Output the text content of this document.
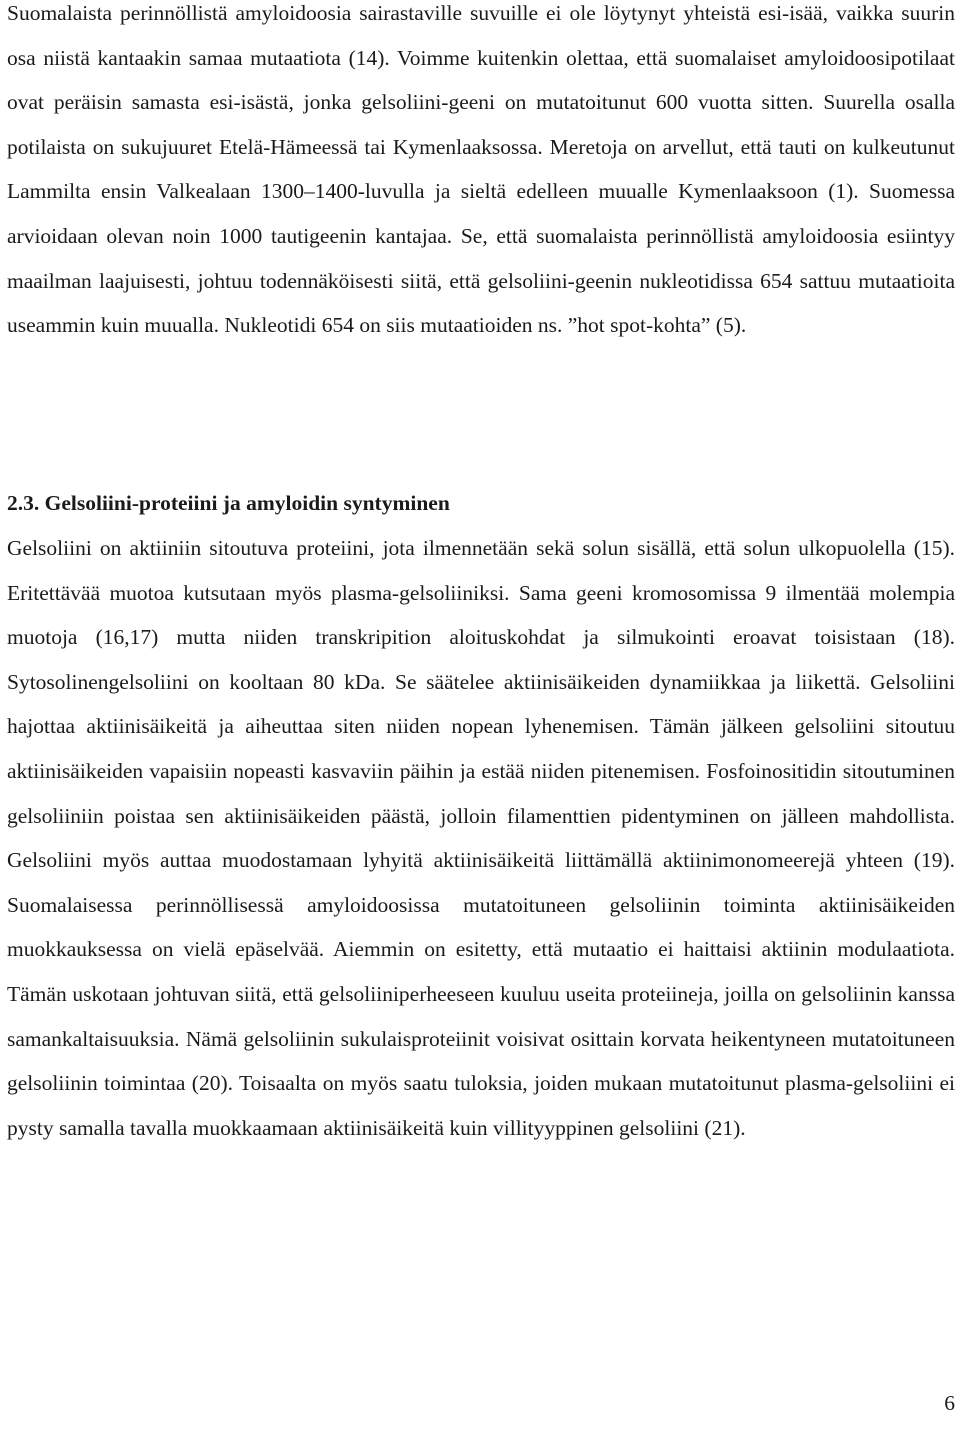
Suomalaista perinnöllistä amyloidoosia sairastaville suvuille ei ole löytynyt yhteistä esi-isää, vaikka suurin osa niistä kantaakin samaa mutaatiota (14). Voimme kuitenkin olettaa, että suomalaiset amyloidoosipotilaat ovat peräisin samasta esi-isästä, jonka gelsoliini-geeni on mutatoitunut 600 vuotta sitten. Suurella osalla potilaista on sukujuuret Etelä-Hämeessä tai Kymenlaaksossa. Meretoja on arvellut, että tauti on kulkeutunut Lammilta ensin Valkealaan 1300–1400-luvulla ja sieltä edelleen muualle Kymenlaaksoon (1). Suomessa arvioidaan olevan noin 1000 tautigeenin kantajaa. Se, että suomalaista perinnöllistä amyloidoosia esiintyy maailman laajuisesti, johtuu todennäköisesti siitä, että gelsoliini-geenin nukleotidissa 654 sattuu mutaatioita useammin kuin muualla. Nukleotidi 654 on siis mutaatioiden ns. ”hot spot-kohta” (5).

2.3. Gelsoliini-proteiini ja amyloidin syntyminen

Gelsoliini on aktiiniin sitoutuva proteiini, jota ilmennetään sekä solun sisällä, että solun ulkopuolella (15). Eritettävää muotoa kutsutaan myös plasma-gelsoliiniksi. Sama geeni kromosomissa 9 ilmentää molempia muotoja (16,17) mutta niiden transkripition aloituskohdat ja silmukointi eroavat toisistaan (18). Sytosolinengelsoliini on kooltaan 80 kDa. Se säätelee aktiinisäikeiden dynamiikkaa ja liikettä. Gelsoliini hajottaa aktiinisäikeitä ja aiheuttaa siten niiden nopean lyhenemisen. Tämän jälkeen gelsoliini sitoutuu aktiinisäikeiden vapaisiin nopeasti kasvaviin päihin ja estää niiden pitenemisen. Fosfoinositidin sitoutuminen gelsoliiniin poistaa sen aktiinisäikeiden päästä, jolloin filamenttien pidentyminen on jälleen mahdollista. Gelsoliini myös auttaa muodostamaan lyhyitä aktiinisäikeitä liittämällä aktiinimonomeerejä yhteen (19). Suomalaisessa perinnöllisessä amyloidoosissa mutatoituneen gelsoliinin toiminta aktiinisäikeiden muokkauksessa on vielä epäselvää. Aiemmin on esitetty, että mutaatio ei haittaisi aktiinin modulaatiota. Tämän uskotaan johtuvan siitä, että gelsoliiniperheeseen kuuluu useita proteiineja, joilla on gelsoliinin kanssa samankaltaisuuksia. Nämä gelsoliinin sukulaisproteiinit voisivat osittain korvata heikentyneen mutatoituneen gelsoliinin toimintaa (20). Toisaalta on myös saatu tuloksia, joiden mukaan mutatoitunut plasma-gelsoliini ei pysty samalla tavalla muokkaamaan aktiinisäikeitä kuin villityyppinen gelsoliini (21).

6
